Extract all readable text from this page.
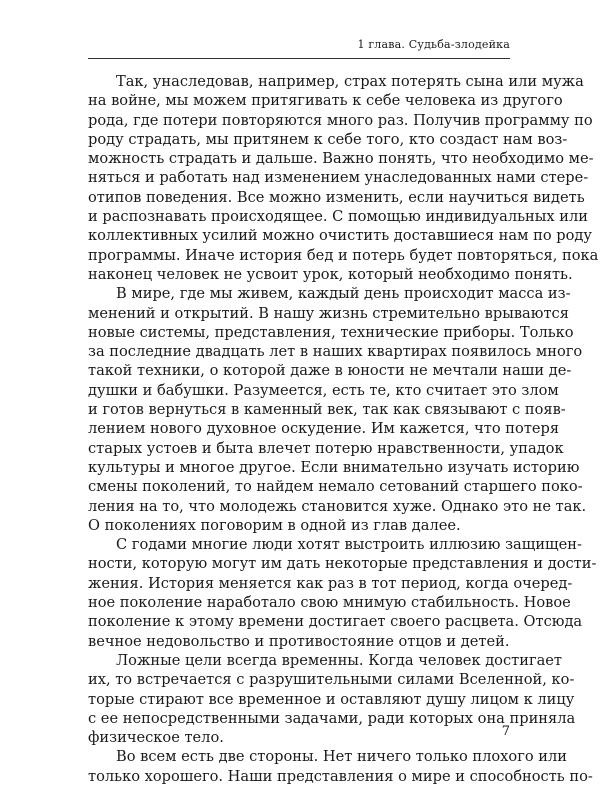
1 глава. Судьба-злодейка
Так, унаследовав, например, страх потерять сына или мужа
на войне, мы можем притягивать к себе человека из другого
рода, где потери повторяются много раз. Получив программу по
роду страдать, мы притянем к себе того, кто создаст нам воз-
можность страдать и дальше. Важно понять, что необходимо ме-
няться и работать над изменением унаследованных нами стере-
отипов поведения. Все можно изменить, если научиться видеть
и распознавать происходящее. С помощью индивидуальных или
коллективных усилий можно очистить доставшиеся нам по роду
программы. Иначе история бед и потерь будет повторяться, пока
наконец человек не усвоит урок, который необходимо понять.
В мире, где мы живем, каждый день происходит масса из-
менений и открытий. В нашу жизнь стремительно врываются
новые системы, представления, технические приборы. Только
за последние двадцать лет в наших квартирах появилось много
такой техники, о которой даже в юности не мечтали наши де-
душки и бабушки. Разумеется, есть те, кто считает это злом
и готов вернуться в каменный век, так как связывают с появ-
лением нового духовное оскудение. Им кажется, что потеря
старых устоев и быта влечет потерю нравственности, упадок
культуры и многое другое. Если внимательно изучать историю
смены поколений, то найдем немало сетований старшего поко-
ления на то, что молодежь становится хуже. Однако это не так.
О поколениях поговорим в одной из глав далее.
С годами многие люди хотят выстроить иллюзию защищен-
ности, которую могут им дать некоторые представления и дости-
жения. История меняется как раз в тот период, когда очеред-
ное поколение наработало свою мнимую стабильность. Новое
поколение к этому времени достигает своего расцвета. Отсюда
вечное недовольство и противостояние отцов и детей.
Ложные цели всегда временны. Когда человек достигает
их, то встречается с разрушительными силами Вселенной, ко-
торые стирают все временное и оставляют душу лицом к лицу
с ее непосредственными задачами, ради которых она приняла
физическое тело.
Во всем есть две стороны. Нет ничего только плохого или
только хорошего. Наши представления о мире и способность по-
7
